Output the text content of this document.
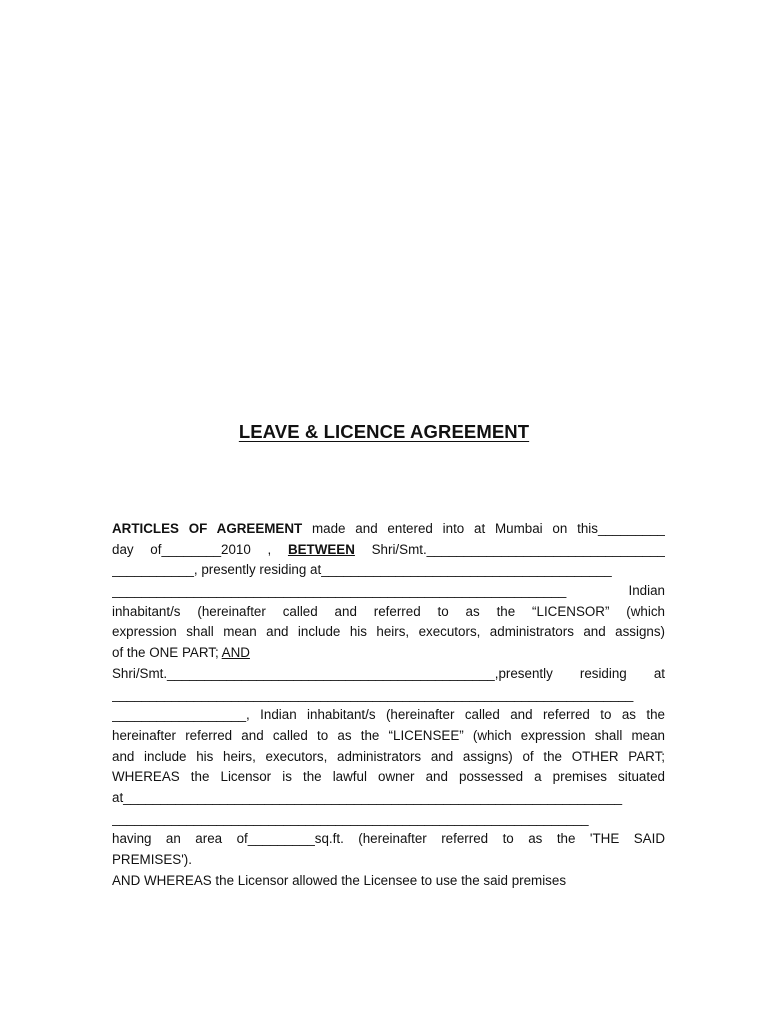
LEAVE & LICENCE AGREEMENT
ARTICLES OF AGREEMENT made and entered into at Mumbai on this_________
day of________2010 , BETWEEN Shri/Smt.________________________________
___________, presently residing at_______________________________________
_____________________________________________________________	Indian
inhabitant/s (hereinafter called and referred to as the “LICENSOR” (which
expression shall mean and include his heirs, executors, administrators and assigns)
of the ONE PART; AND
Shri/Smt.____________________________________________,presently residing at
______________________________________________________________________
__________________, Indian inhabitant/s (hereinafter called and referred to as the
hereinafter referred and called to as the “LICENSEE” (which expression shall mean
and include his heirs, executors, administrators and assigns) of the OTHER PART;
WHEREAS the Licensor is the lawful owner and possessed a premises situated
at___________________________________________________________________
________________________________________________________________
having an area of_________sq.ft. (hereinafter referred to as the 'THE SAID
PREMISES').
AND WHEREAS the Licensor allowed the Licensee to use the said premises
